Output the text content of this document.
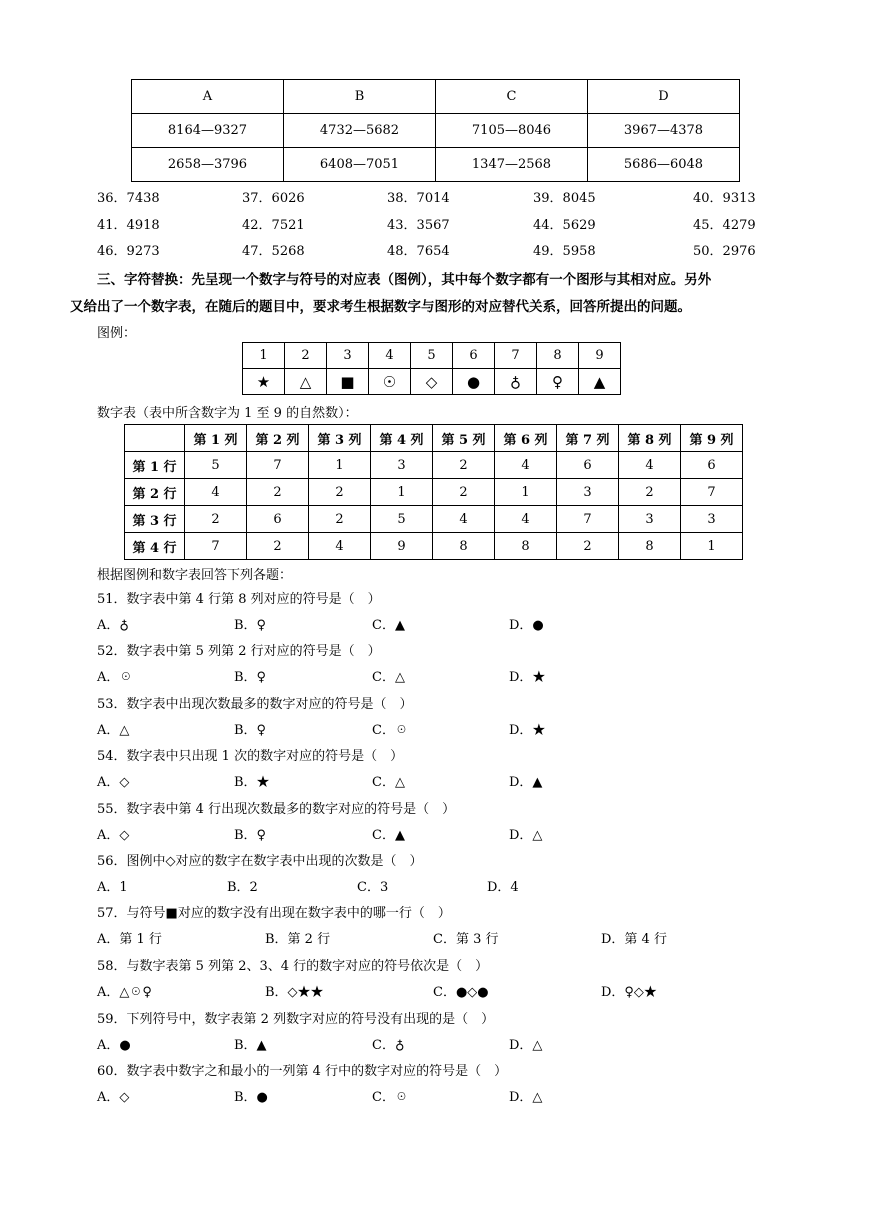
A	B	C	D
8164—9327	4732—5682	7105—8046	3967—4378
2658—3796	6408—7051	1347—2568	5686—6048
36．7438	37．6026	38．7014	39．8045	40．9313
41．4918	42．7521	43．3567	44．5629	45．4279
46．9273	47．5268	48．7654	49．5958	50．2976
三、字符替换：先呈现一个数字与符号的对应表（图例），其中每个数字都有一个图形与其相对应。另外
又给出了一个数字表，在随后的题目中，要求考生根据数字与图形的对应替代关系，回答所提出的问题。
图例：
1	2	3	4	5	6	7	8	9
★	△	■	☉	◇	●	♁	♀	▲
数字表（表中所含数字为 1 至 9 的自然数）：
	第 1 列	第 2 列	第 3 列	第 4 列	第 5 列	第 6 列	第 7 列	第 8 列	第 9 列
第 1 行	5	7	1	3	2	4	6	4	6
第 2 行	4	2	2	1	2	1	3	2	7
第 3 行	2	6	2	5	4	4	7	3	3
第 4 行	7	2	4	9	8	8	2	8	1
根据图例和数字表回答下列各题：
51．数字表中第 4 行第 8 列对应的符号是（　）
A．♁	B．♀	C．▲	D．●
52．数字表中第 5 列第 2 行对应的符号是（　）
A．☉	B．♀	C．△	D．★
53．数字表中出现次数最多的数字对应的符号是（　）
A．△	B．♀	C．☉	D．★
54．数字表中只出现 1 次的数字对应的符号是（　）
A．◇	B．★	C．△	D．▲
55．数字表中第 4 行出现次数最多的数字对应的符号是（　）
A．◇	B．♀	C．▲	D．△
56．图例中◇对应的数字在数字表中出现的次数是（　）
A．1	B．2	C．3	D．4
57．与符号■对应的数字没有出现在数字表中的哪一行（　）
A．第 1 行	B．第 2 行	C．第 3 行	D．第 4 行
58．与数字表第 5 列第 2、3、4 行的数字对应的符号依次是（　）
A．△☉♀	B．◇★★	C．●◇●	D．♀◇★
59．下列符号中，数字表第 2 列数字对应的符号没有出现的是（　）
A．●	B．▲	C．♁	D．△
60．数字表中数字之和最小的一列第 4 行中的数字对应的符号是（　）
A．◇	B．●	C．☉	D．△
